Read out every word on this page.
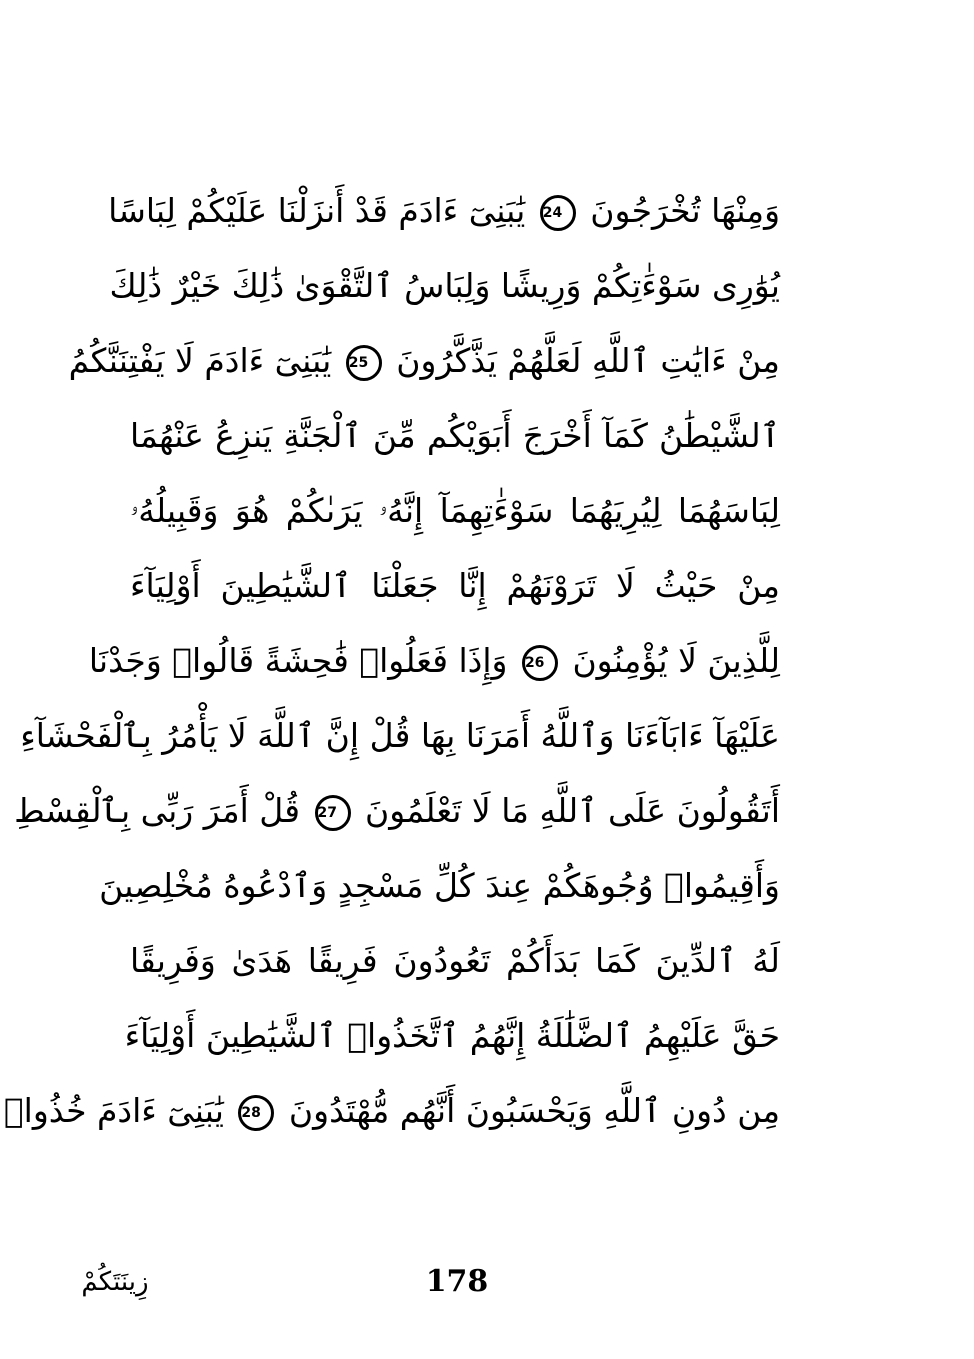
وَمِنْهَا تُخْرَجُونَ 24 يَٰبَنِىٓ ءَادَمَ قَدْ أَنزَلْنَا عَلَيْكُمْ لِبَاسًا
يُوَٰرِى سَوْءَٰتِكُمْ وَرِيشًا وَلِبَاسُ ٱلتَّقْوَىٰ ذَٰلِكَ خَيْرٌ ذَٰلِكَ
مِنْ ءَايَٰتِ ٱللَّهِ لَعَلَّهُمْ يَذَّكَّرُونَ 25 يَٰبَنِىٓ ءَادَمَ لَا يَفْتِنَنَّكُمُ
ٱلشَّيْطَٰنُ كَمَآ أَخْرَجَ أَبَوَيْكُم مِّنَ ٱلْجَنَّةِ يَنزِعُ عَنْهُمَا
لِبَاسَهُمَا لِيُرِيَهُمَا سَوْءَٰتِهِمَآ إِنَّهُۥ يَرَىٰكُمْ هُوَ وَقَبِيلُهُۥ
مِنْ حَيْثُ لَا تَرَوْنَهُمْ إِنَّا جَعَلْنَا ٱلشَّيَٰطِينَ أَوْلِيَآءَ
لِلَّذِينَ لَا يُؤْمِنُونَ 26 وَإِذَا فَعَلُوا۟ فَٰحِشَةً قَالُوا۟ وَجَدْنَا
عَلَيْهَآ ءَابَآءَنَا وَٱللَّهُ أَمَرَنَا بِهَا قُلْ إِنَّ ٱللَّهَ لَا يَأْمُرُ بِٱلْفَحْشَآءِ
أَتَقُولُونَ عَلَى ٱللَّهِ مَا لَا تَعْلَمُونَ 27 قُلْ أَمَرَ رَبِّى بِٱلْقِسْطِ
وَأَقِيمُوا۟ وُجُوهَكُمْ عِندَ كُلِّ مَسْجِدٍ وَٱدْعُوهُ مُخْلِصِينَ
لَهُ ٱلدِّينَ كَمَا بَدَأَكُمْ تَعُودُونَ فَرِيقًا هَدَىٰ وَفَرِيقًا
حَقَّ عَلَيْهِمُ ٱلضَّلَٰلَةُ إِنَّهُمُ ٱتَّخَذُوا۟ ٱلشَّيَٰطِينَ أَوْلِيَآءَ
مِن دُونِ ٱللَّهِ وَيَحْسَبُونَ أَنَّهُم مُّهْتَدُونَ 28 يَٰبَنِىٓ ءَادَمَ خُذُوا۟
178
زِينَتَكُمْ
